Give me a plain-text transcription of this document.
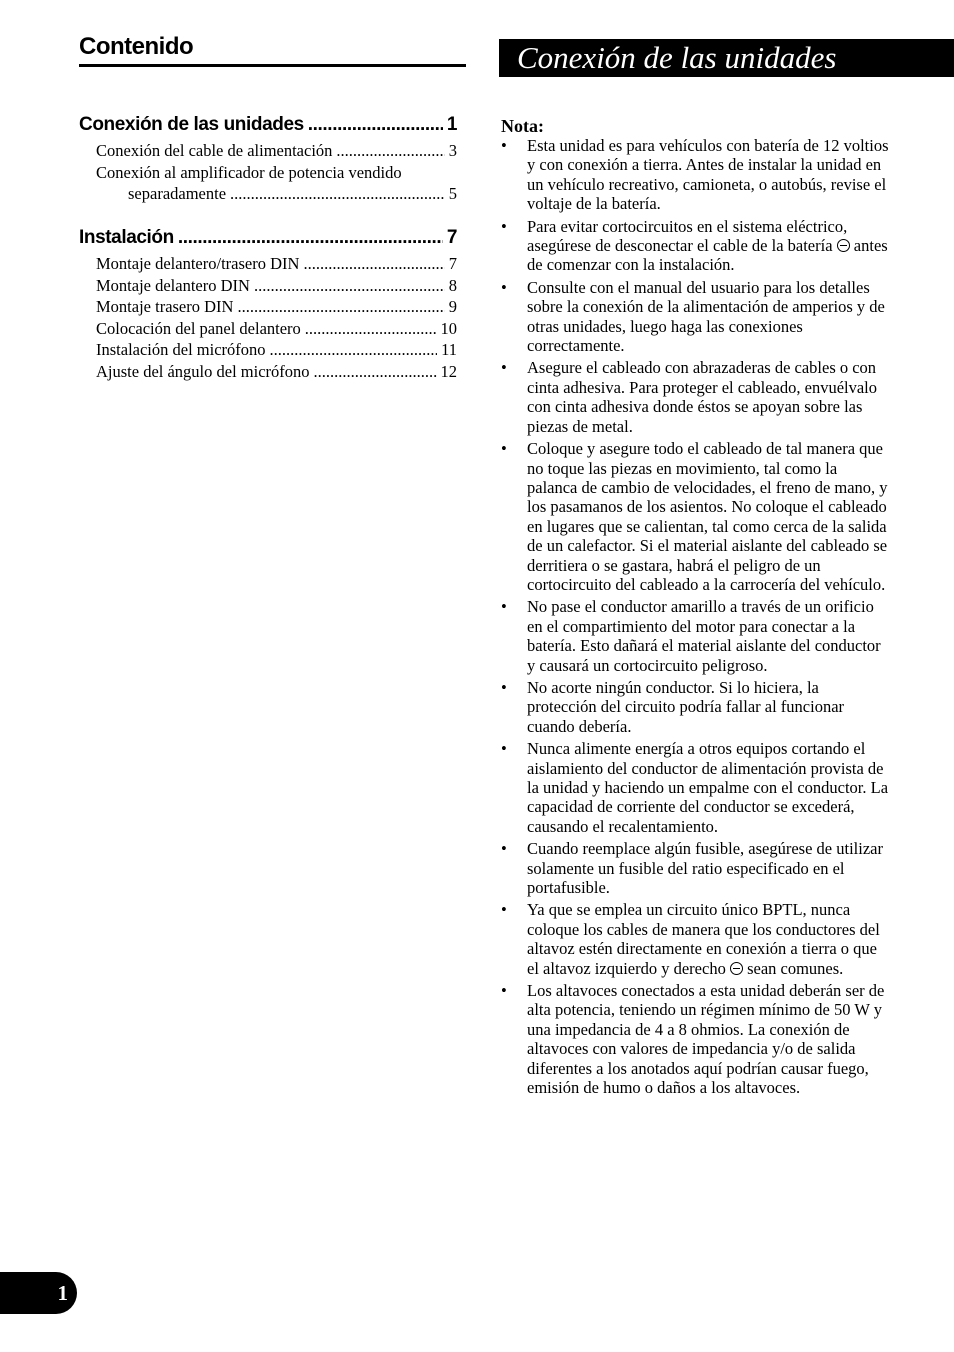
Contenido
Conexión de las unidades .....	1
Conexión del cable de alimentación .....	3
Conexión al amplificador de potencia vendido
separadamente .....	5
Instalación .....	7
Montaje delantero/trasero DIN .....	7
Montaje delantero DIN .....	8
Montaje trasero DIN .....	9
Colocación del panel delantero .....	10
Instalación del micrófono .....	11
Ajuste del ángulo del micrófono .....	12
Conexión de las unidades
Nota:
• Esta unidad es para vehículos con batería de 12 voltios y con conexión a tierra. Antes de instalar la unidad en un vehículo recreativo, camioneta, o autobús, revise el voltaje de la batería.
• Para evitar cortocircuitos en el sistema eléctrico, asegúrese de desconectar el cable de la batería antes de comenzar con la instalación.
• Consulte con el manual del usuario para los detalles sobre la conexión de la alimentación de amperios y de otras unidades, luego haga las conexiones correctamente.
• Asegure el cableado con abrazaderas de cables o con cinta adhesiva. Para proteger el cableado, envuélvalo con cinta adhesiva donde éstos se apoyan sobre las piezas de metal.
• Coloque y asegure todo el cableado de tal manera que no toque las piezas en movimiento, tal como la palanca de cambio de velocidades, el freno de mano, y los pasamanos de los asientos. No coloque el cableado en lugares que se calientan, tal como cerca de la salida de un calefactor. Si el material aislante del cableado se derritiera o se gastara, habrá el peligro de un cortocircuito del cableado a la carrocería del vehículo.
• No pase el conductor amarillo a través de un orificio en el compartimiento del motor para conectar a la batería. Esto dañará el material aislante del conductor y causará un cortocircuito peligroso.
• No acorte ningún conductor. Si lo hiciera, la protección del circuito podría fallar al funcionar cuando debería.
• Nunca alimente energía a otros equipos cortando el aislamiento del conductor de alimentación provista de la unidad y haciendo un empalme con el conductor. La capacidad de corriente del conductor se excederá, causando el recalentamiento.
• Cuando reemplace algún fusible, asegúrese de utilizar solamente un fusible del ratio especificado en el portafusible.
• Ya que se emplea un circuito único BPTL, nunca coloque los cables de manera que los conductores del altavoz estén directamente en conexión a tierra o que el altavoz izquierdo y derecho sean comunes.
• Los altavoces conectados a esta unidad deberán ser de alta potencia, teniendo un régimen mínimo de 50 W y una impedancia de 4 a 8 ohmios. La conexión de altavoces con valores de impedancia y/o de salida diferentes a los anotados aquí podrían causar fuego, emisión de humo o daños a los altavoces.
1
